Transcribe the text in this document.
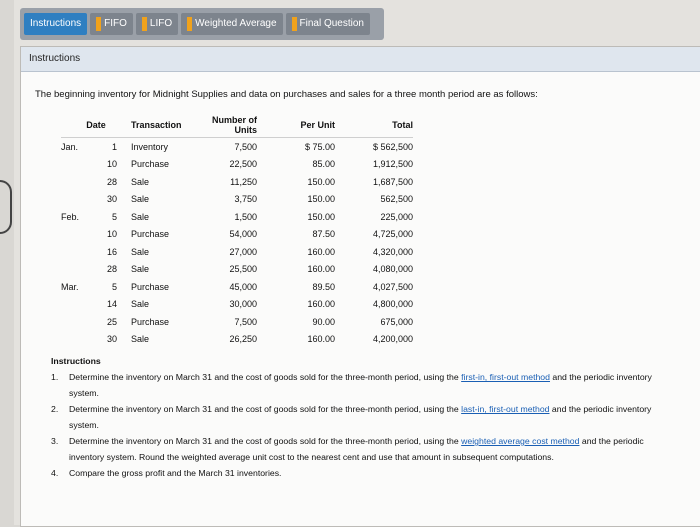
Instructions FIFO LIFO Weighted Average Final Question
Instructions
The beginning inventory for Midnight Supplies and data on purchases and sales for a three month period are as follows:
Date		Transaction	Number of Units	Per Unit	Total
Jan.	1	Inventory	7,500	$ 75.00	$ 562,500
	10	Purchase	22,500	85.00	1,912,500
	28	Sale	11,250	150.00	1,687,500
	30	Sale	3,750	150.00	562,500
Feb.	5	Sale	1,500	150.00	225,000
	10	Purchase	54,000	87.50	4,725,000
	16	Sale	27,000	160.00	4,320,000
	28	Sale	25,500	160.00	4,080,000
Mar.	5	Purchase	45,000	89.50	4,027,500
	14	Sale	30,000	160.00	4,800,000
	25	Purchase	7,500	90.00	675,000
	30	Sale	26,250	160.00	4,200,000
Instructions
1. Determine the inventory on March 31 and the cost of goods sold for the three-month period, using the first-in, first-out method and the periodic inventory system.
2. Determine the inventory on March 31 and the cost of goods sold for the three-month period, using the last-in, first-out method and the periodic inventory system.
3. Determine the inventory on March 31 and the cost of goods sold for the three-month period, using the weighted average cost method and the periodic inventory system. Round the weighted average unit cost to the nearest cent and use that amount in subsequent computations.
4. Compare the gross profit and the March 31 inventories.
